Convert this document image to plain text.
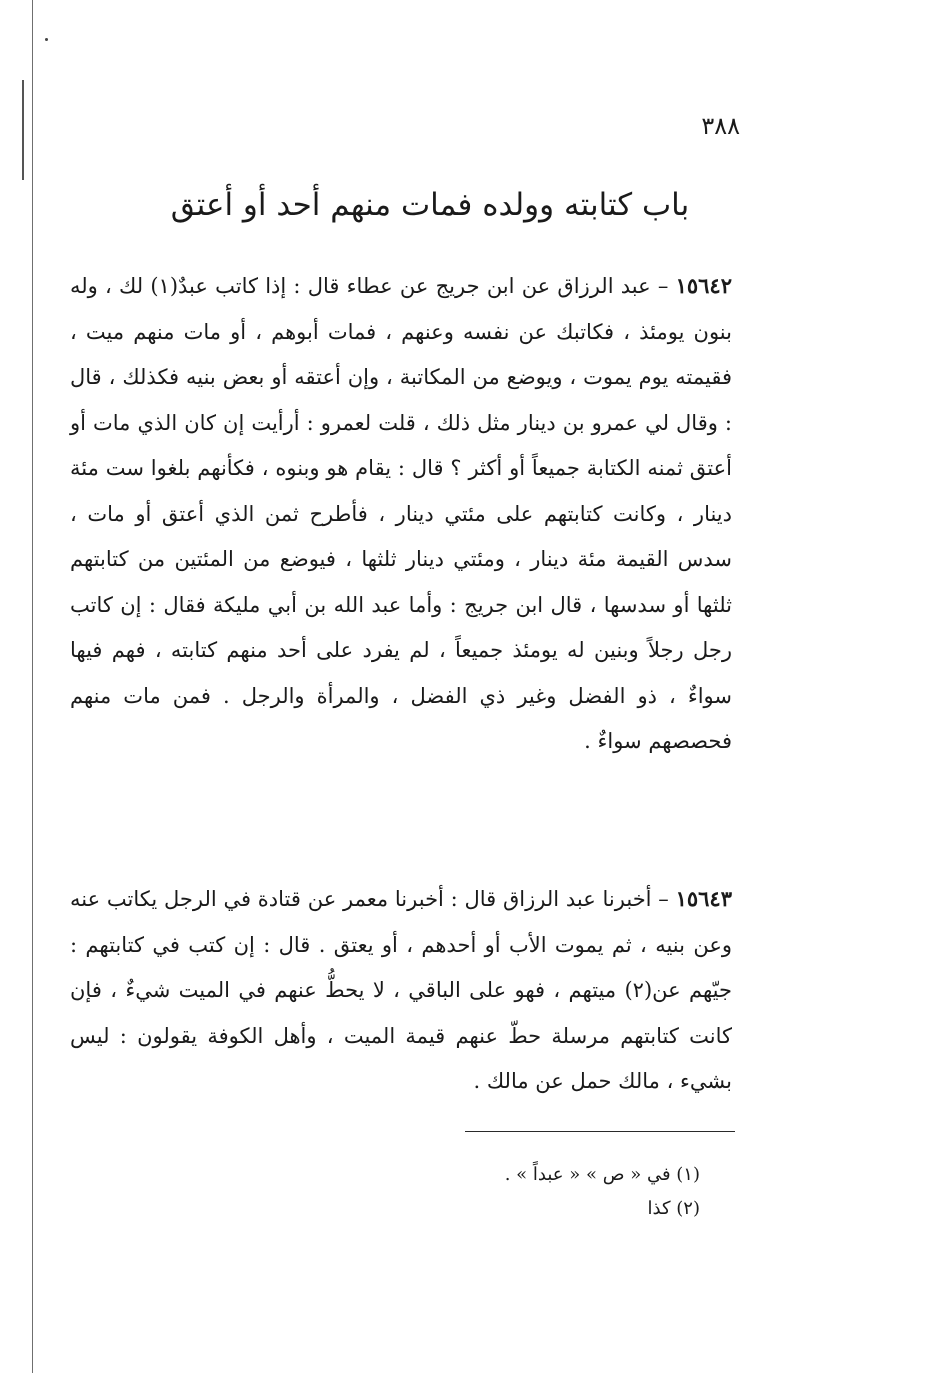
٣٨٨
باب كتابته وولده فمات منهم أحد أو أعتق
١٥٦٤٢ – عبد الرزاق عن ابن جريج عن عطاء قال : إذا كاتب عبدٌ(١) لك ، وله بنون يومئذ ، فكاتبك عن نفسه وعنهم ، فمات أبوهم ، أو مات منهم ميت ، فقيمته يوم يموت ، ويوضع من المكاتبة ، وإن أعتقه أو بعض بنيه فكذلك ، قال : وقال لي عمرو بن دينار مثل ذلك ، قلت لعمرو : أرأيت إن كان الذي مات أو أعتق ثمنه الكتابة جميعاً أو أكثر ؟ قال : يقام هو وبنوه ، فكأنهم بلغوا ست مئة دينار ، وكانت كتابتهم على مئتي دينار ، فأطرح ثمن الذي أعتق أو مات ، سدس القيمة مئة دينار ، ومئتي دينار ثلثها ، فيوضع من المئتين من كتابتهم ثلثها أو سدسها ، قال ابن جريج : وأما عبد الله بن أبي مليكة فقال : إن كاتب رجل رجلاً وبنين له يومئذ جميعاً ، لم يفرد على أحد منهم كتابته ، فهم فيها سواءٌ ، ذو الفضل وغير ذي الفضل ، والمرأة والرجل . فمن مات منهم فحصصهم سواءٌ .
١٥٦٤٣ – أخبرنا عبد الرزاق قال : أخبرنا معمر عن قتادة في الرجل يكاتب عنه وعن بنيه ، ثم يموت الأب أو أحدهم ، أو يعتق . قال : إن كتب في كتابتهم : جيّهم عن(٢) ميتهم ، فهو على الباقي ، لا يحطُّ عنهم في الميت شيءٌ ، فإن كانت كتابتهم مرسلة حطّ عنهم قيمة الميت ، وأهل الكوفة يقولون : ليس بشيء ، مالك حمل عن مالك .
(١) في « ص » « عبداً » .
(٢) كذا
